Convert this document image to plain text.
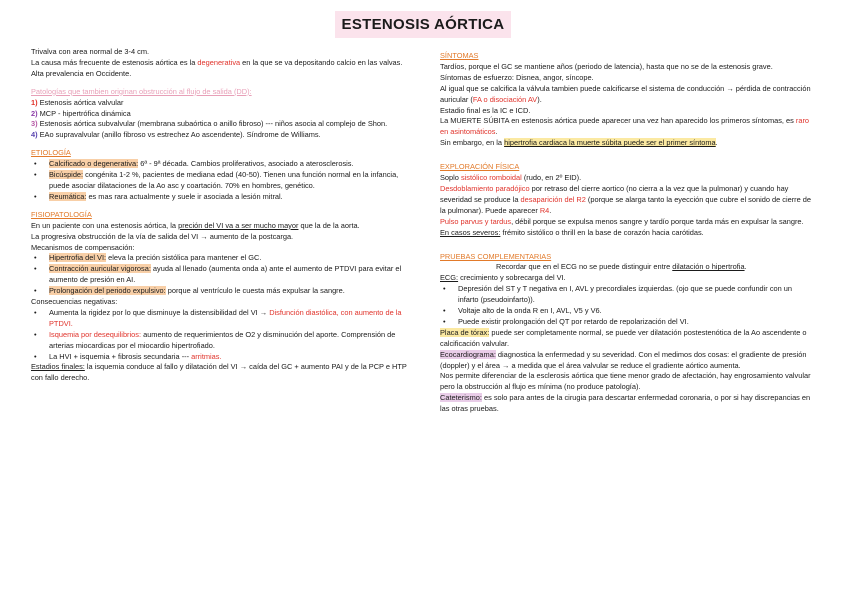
ESTENOSIS AÓRTICA

Trivalva con area normal de 3-4 cm.

La causa más frecuente de estenosis aórtica es la degenerativa en la que se va depositando calcio en las valvas. Alta prevalencia en Occidente.

Patologías que tambien originan obstrucción al flujo de salida (DD):

1) Estenosis aórtica valvular

2) MCP - hipertrófica dinámica

3) Estenosis aórtica subvalvular (membrana subaórtica o anillo fibroso) --- niños asocia al complejo de Shon.

4) EAo supravalvular (anillo fibroso vs estrechez Ao ascendente). Síndrome de Williams.

ETIOLOGÍA

• Calcificado o degenerativa: 6ª - 9ª década. Cambios proliferativos, asociado a aterosclerosis.

• Bicúspide: congénita 1-2 %, pacientes de mediana edad (40-50). Tienen una función normal en la infancia, puede asociar dilataciones de la Ao asc y coartación. 70% en hombres, genético.

• Reumática: es mas rara actualmente y suele ir asociada a lesión mitral.

FISIOPATOLOGÍA

En un paciente con una estenosis aórtica, la preción del VI va a ser mucho mayor que la de la aorta.

La progresiva obstrucción de la vía de salida del VI → aumento de la postcarga.

Mecanismos de compensación:

• Hipertrofia del VI: eleva la preción sistólica para mantener el GC.

• Contracción auricular vigorosa: ayuda al llenado (aumenta onda a) ante el aumento de PTDVI para evitar el aumento de presión en AI.

• Prolongación del periodo expulsivo: porque al ventrículo le cuesta más expulsar la sangre.

Consecuencias negativas:

• Aumenta la rigidez por lo que disminuye la distensibilidad del VI → Disfunción diastólica, con aumento de la PTDVI.

• Isquemia por desequilibrios: aumento de requerimientos de O2 y disminución del aporte. Comprensión de arterias miocardicas por el miocardio hipertrofiado.

• La HVI + isquemia + fibrosis secundaria --- arritmias.

Estadios finales: la isquemia conduce al fallo y dilatación del VI → caída del GC + aumento PAI y de la PCP e HTP con fallo derecho.

SÍNTOMAS

Tardíos, porque el GC se mantiene años (periodo de latencia), hasta que no se de la estenosis grave.

Síntomas de esfuerzo: Disnea, angor, síncope.

Al igual que se calcifica la válvula tambien puede calcificarse el sistema de conducción → pérdida de contracción auricular (FA o disociación AV).

Estadio final es la IC e ICD.

La MUERTE SÚBITA en estenosis aórtica puede aparecer una vez han aparecido los primeros síntomas, es raro en asintomáticos.

Sin embargo, en la hipertrofia cardiaca la muerte súbita puede ser el primer síntoma.

EXPLORACIÓN FÍSICA

Soplo sistólico romboidal (rudo, en 2º EID).

Desdoblamiento paradójico por retraso del cierre aortico (no cierra a la vez que la pulmonar) y cuando hay severidad se produce la desaparición del R2 (porque se alarga tanto la eyección que cubre el sonido de cierre de la pulmonar). Puede aparecer R4.

Pulso parvus y tardus, débil porque se expulsa menos sangre y tardío porque tarda más en expulsar la sangre.

En casos severos: frémito sistólico o thrill en la base de corazón hacia carótidas.

PRUEBAS COMPLEMENTARIAS

Recordar que en el ECG no se puede distinguir entre dilatación o hipertrofia.

ECG: crecimiento y sobrecarga del VI.

• Depresión del ST y T negativa en I, AVL y precordiales izquierdas. (ojo que se puede confundir con un infarto (pseudoinfarto)).

• Voltaje alto de la onda R en I, AVL, V5 y V6.

• Puede existir prolongación del QT por retardo de repolarización del VI.

Placa de tórax: puede ser completamente normal, se puede ver dilatación postestenótica de la Ao ascendente o calcificación valvular.

Ecocardiograma: diagnostica la enfermedad y su severidad. Con el medimos dos cosas: el gradiente de presión (doppler) y el área → a medida que el área valvular se reduce el gradiente aórtico aumenta.

Nos permite diferenciar de la esclerosis aórtica que tiene menor grado de afectación, hay engrosamiento valvular pero la obstrucción al flujo es mínima (no produce patología).

Cateterismo: es solo para antes de la cirugia para descartar enfermedad coronaria, o por si hay discrepancias en las otras pruebas.
